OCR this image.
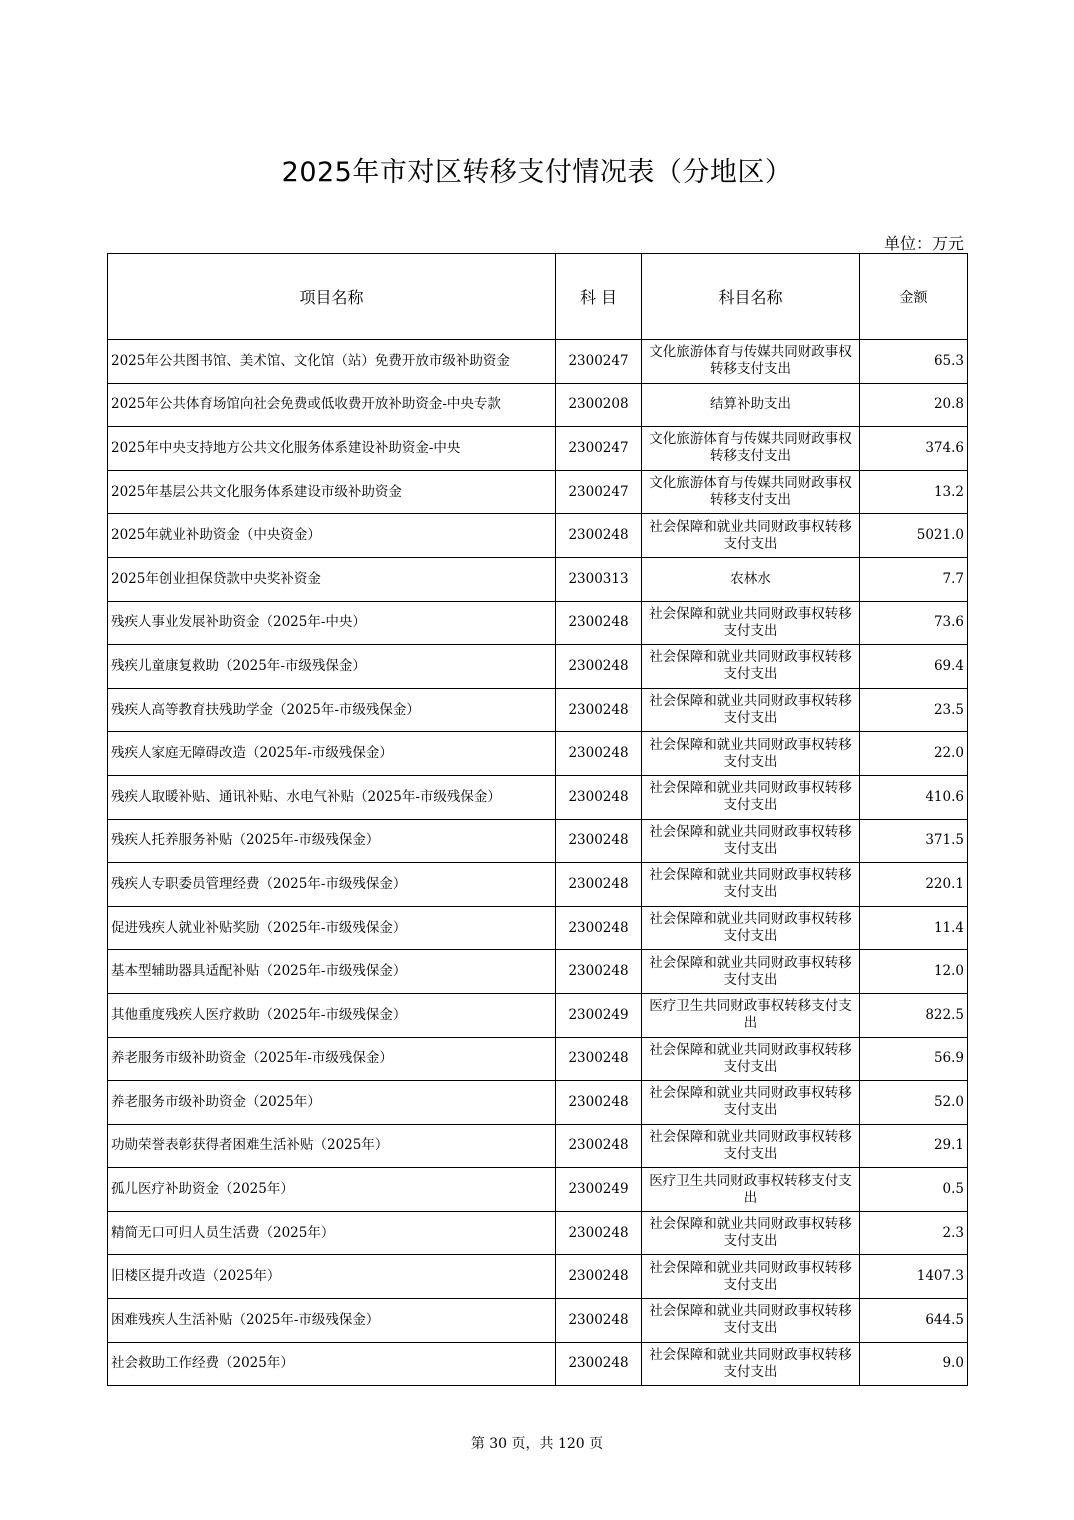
2025年市对区转移支付情况表（分地区）
单位：万元
项目名称	科 目	科目名称	金额
2025年公共图书馆、美术馆、文化馆（站）免费开放市级补助资金	2300247	文化旅游体育与传媒共同财政事权转移支付支出	65.3
2025年公共体育场馆向社会免费或低收费开放补助资金-中央专款	2300208	结算补助支出	20.8
2025年中央支持地方公共文化服务体系建设补助资金-中央	2300247	文化旅游体育与传媒共同财政事权转移支付支出	374.6
2025年基层公共文化服务体系建设市级补助资金	2300247	文化旅游体育与传媒共同财政事权转移支付支出	13.2
2025年就业补助资金（中央资金）	2300248	社会保障和就业共同财政事权转移支付支出	5021.0
2025年创业担保贷款中央奖补资金	2300313	农林水	7.7
残疾人事业发展补助资金（2025年-中央）	2300248	社会保障和就业共同财政事权转移支付支出	73.6
残疾儿童康复救助（2025年-市级残保金）	2300248	社会保障和就业共同财政事权转移支付支出	69.4
残疾人高等教育扶残助学金（2025年-市级残保金）	2300248	社会保障和就业共同财政事权转移支付支出	23.5
残疾人家庭无障碍改造（2025年-市级残保金）	2300248	社会保障和就业共同财政事权转移支付支出	22.0
残疾人取暖补贴、通讯补贴、水电气补贴（2025年-市级残保金）	2300248	社会保障和就业共同财政事权转移支付支出	410.6
残疾人托养服务补贴（2025年-市级残保金）	2300248	社会保障和就业共同财政事权转移支付支出	371.5
残疾人专职委员管理经费（2025年-市级残保金）	2300248	社会保障和就业共同财政事权转移支付支出	220.1
促进残疾人就业补贴奖励（2025年-市级残保金）	2300248	社会保障和就业共同财政事权转移支付支出	11.4
基本型辅助器具适配补贴（2025年-市级残保金）	2300248	社会保障和就业共同财政事权转移支付支出	12.0
其他重度残疾人医疗救助（2025年-市级残保金）	2300249	医疗卫生共同财政事权转移支付支出	822.5
养老服务市级补助资金（2025年-市级残保金）	2300248	社会保障和就业共同财政事权转移支付支出	56.9
养老服务市级补助资金（2025年）	2300248	社会保障和就业共同财政事权转移支付支出	52.0
功勋荣誉表彰获得者困难生活补贴（2025年）	2300248	社会保障和就业共同财政事权转移支付支出	29.1
孤儿医疗补助资金（2025年）	2300249	医疗卫生共同财政事权转移支付支出	0.5
精简无口可归人员生活费（2025年）	2300248	社会保障和就业共同财政事权转移支付支出	2.3
旧楼区提升改造（2025年）	2300248	社会保障和就业共同财政事权转移支付支出	1407.3
困难残疾人生活补贴（2025年-市级残保金）	2300248	社会保障和就业共同财政事权转移支付支出	644.5
社会救助工作经费（2025年）	2300248	社会保障和就业共同财政事权转移支付支出	9.0
第 30 页，共 120 页
